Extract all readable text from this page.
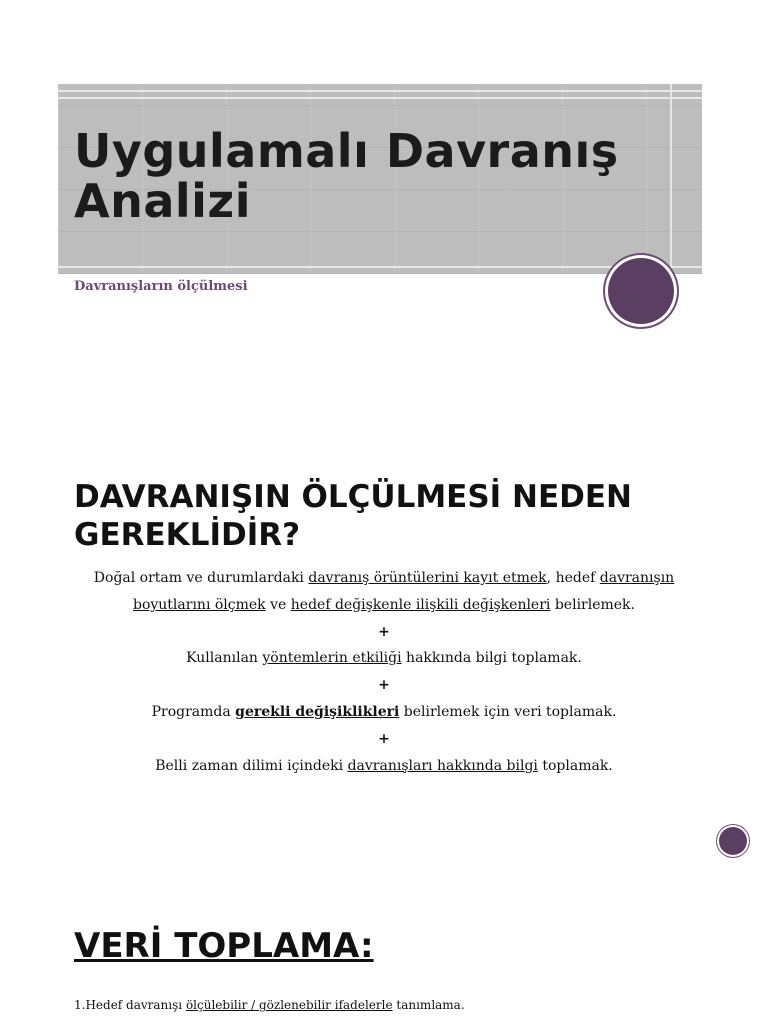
Uygulamalı Davranış Analizi
Davranışların ölçülmesi
DAVRANIŞIN ÖLÇÜLMESİ NEDEN GEREKLİDİR?

Doğal ortam ve durumlardaki davranış örüntülerini kayıt etmek, hedef davranışın boyutlarını ölçmek ve hedef değişkenle ilişkili değişkenleri belirlemek.

+

Kullanılan yöntemlerin etkiliği hakkında bilgi toplamak.

+

Programda gerekli değişiklikleri belirlemek için veri toplamak.

+

Belli zaman dilimi içindeki davranışları hakkında bilgi toplamak.

VERİ TOPLAMA:
1.Hedef davranışı ölçülebilir / gözlenebilir ifadelerle tanımlama.
